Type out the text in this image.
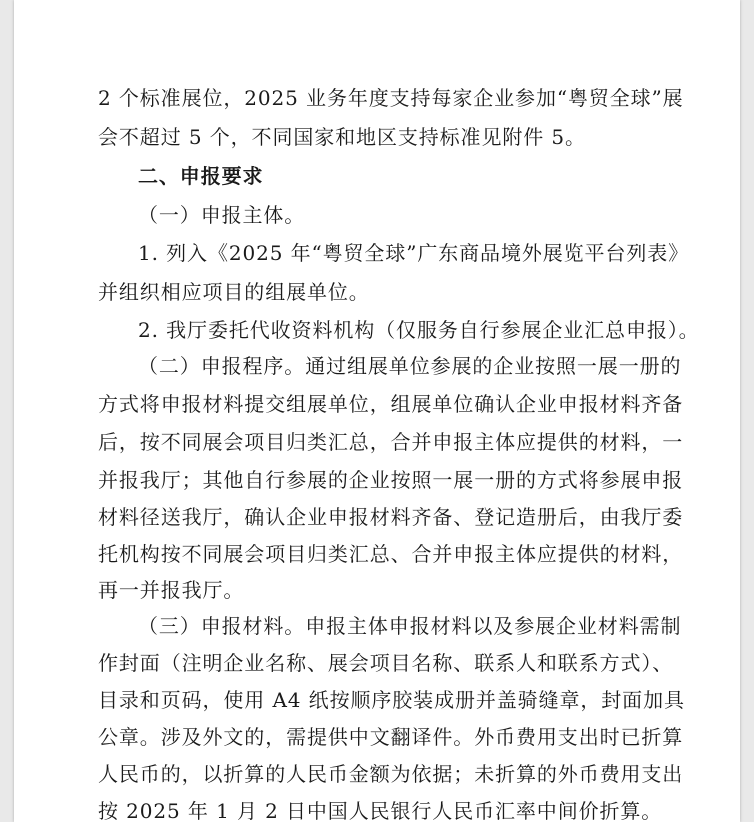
2 个标准展位，2025 业务年度支持每家企业参加“粤贸全球”展
会不超过 5 个，不同国家和地区支持标准见附件 5。
二、申报要求
（一）申报主体。
1. 列入《2025 年“粤贸全球”广东商品境外展览平台列表》
并组织相应项目的组展单位。
2. 我厅委托代收资料机构（仅服务自行参展企业汇总申报）。
（二）申报程序。通过组展单位参展的企业按照一展一册的
方式将申报材料提交组展单位，组展单位确认企业申报材料齐备
后，按不同展会项目归类汇总，合并申报主体应提供的材料，一
并报我厅；其他自行参展的企业按照一展一册的方式将参展申报
材料径送我厅，确认企业申报材料齐备、登记造册后，由我厅委
托机构按不同展会项目归类汇总、合并申报主体应提供的材料，
再一并报我厅。
（三）申报材料。申报主体申报材料以及参展企业材料需制
作封面（注明企业名称、展会项目名称、联系人和联系方式）、
目录和页码，使用 A4 纸按顺序胶装成册并盖骑缝章，封面加具
公章。涉及外文的，需提供中文翻译件。外币费用支出时已折算
人民币的，以折算的人民币金额为依据；未折算的外币费用支出
按 2025 年 1 月 2 日中国人民银行人民币汇率中间价折算。
